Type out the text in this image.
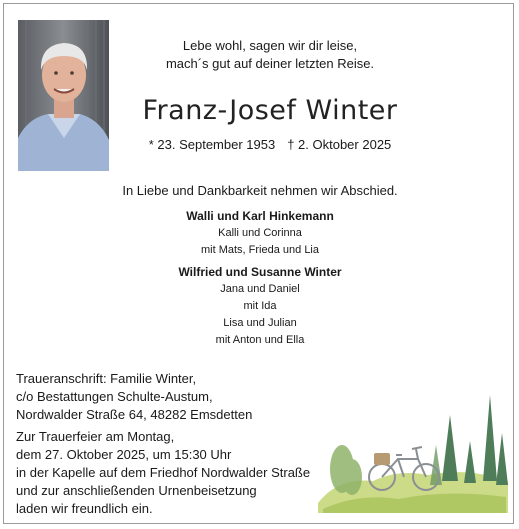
Lebe wohl, sagen wir dir leise,
mach´s gut auf deiner letzten Reise.
Franz-Josef Winter
* 23. September 1953 † 2. Oktober 2025
In Liebe und Dankbarkeit nehmen wir Abschied.
Walli und Karl Hinkemann
Kalli und Corinna
mit Mats, Frieda und Lia
Wilfried und Susanne Winter
Jana und Daniel
mit Ida
Lisa und Julian
mit Anton und Ella
Traueranschrift: Familie Winter,
c/o Bestattungen Schulte-Austum,
Nordwalder Straße 64, 48282 Emsdetten
Zur Trauerfeier am Montag,
dem 27. Oktober 2025, um 15:30 Uhr
in der Kapelle auf dem Friedhof Nordwalder Straße
und zur anschließenden Urnenbeisetzung
laden wir freundlich ein.
